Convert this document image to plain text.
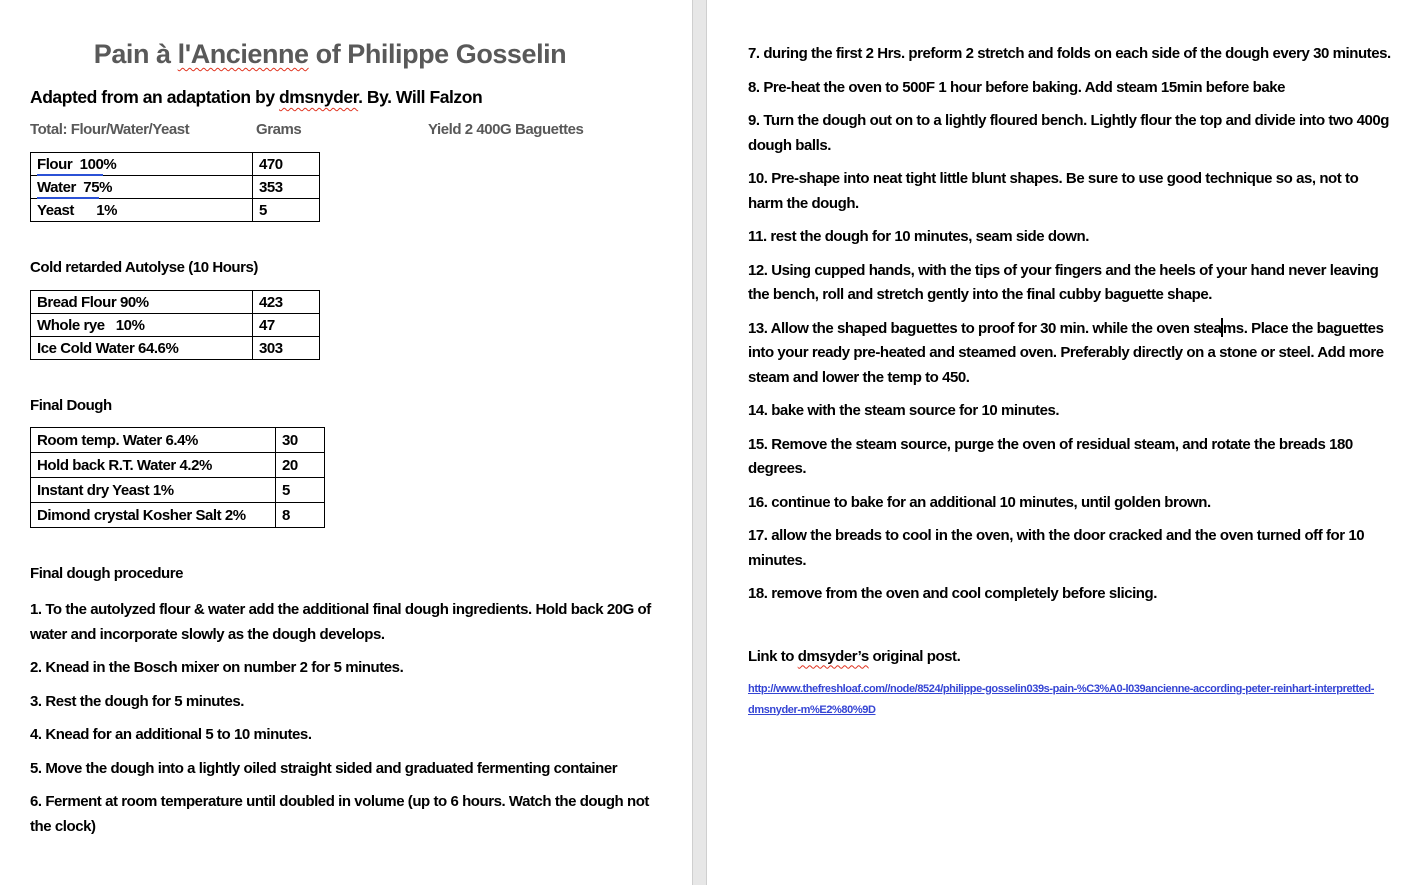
Pain à l'Ancienne of Philippe Gosselin
Adapted from an adaptation by dmsnyder. By. Will Falzon
Total: Flour/Water/Yeast	Grams	Yield 2 400G Baguettes
Flour  100%	470
Water  75%	353
Yeast      1%	5
Cold retarded Autolyse (10 Hours)
Bread Flour 90%	423
Whole rye   10%	47
Ice Cold Water 64.6%	303
Final Dough
Room temp. Water 6.4%	30
Hold back R.T. Water 4.2%	20
Instant dry Yeast 1%	5
Dimond crystal Kosher Salt 2%	8
Final dough procedure

1. To the autolyzed flour & water add the additional final dough ingredients. Hold back 20G of water and incorporate slowly as the dough develops.

2. Knead in the Bosch mixer on number 2 for 5 minutes.

3. Rest the dough for 5 minutes.

4. Knead for an additional 5 to 10 minutes.

5. Move the dough into a lightly oiled straight sided and graduated fermenting container

6. Ferment at room temperature until doubled in volume (up to 6 hours. Watch the dough not the clock)

7. during the first 2 Hrs. preform 2 stretch and folds on each side of the dough every 30 minutes.

8. Pre-heat the oven to 500F 1 hour before baking. Add steam 15min before bake

9. Turn the dough out on to a lightly floured bench. Lightly flour the top and divide into two 400g dough balls.

10. Pre-shape into neat tight little blunt shapes. Be sure to use good technique so as, not to harm the dough.

11. rest the dough for 10 minutes, seam side down.

12. Using cupped hands, with the tips of your fingers and the heels of your hand never leaving the bench, roll and stretch gently into the final cubby baguette shape.

13. Allow the shaped baguettes to proof for 30 min. while the oven stea ms. Place the baguettes into your ready pre-heated and steamed oven. Preferably directly on a stone or steel. Add more steam and lower the temp to 450.

14. bake with the steam source for 10 minutes.

15. Remove the steam source, purge the oven of residual steam, and rotate the breads 180 degrees.

16. continue to bake for an additional 10 minutes, until golden brown.

17. allow the breads to cool in the oven, with the door cracked and the oven turned off for 10 minutes.

18. remove from the oven and cool completely before slicing.

Link to dmsyder’s original post.
http://www.thefreshloaf.com//node/8524/philippe-gosselin039s-pain-%C3%A0-l039ancienne-according-peter-reinhart-interpretted-dmsnyder-m%E2%80%9D
